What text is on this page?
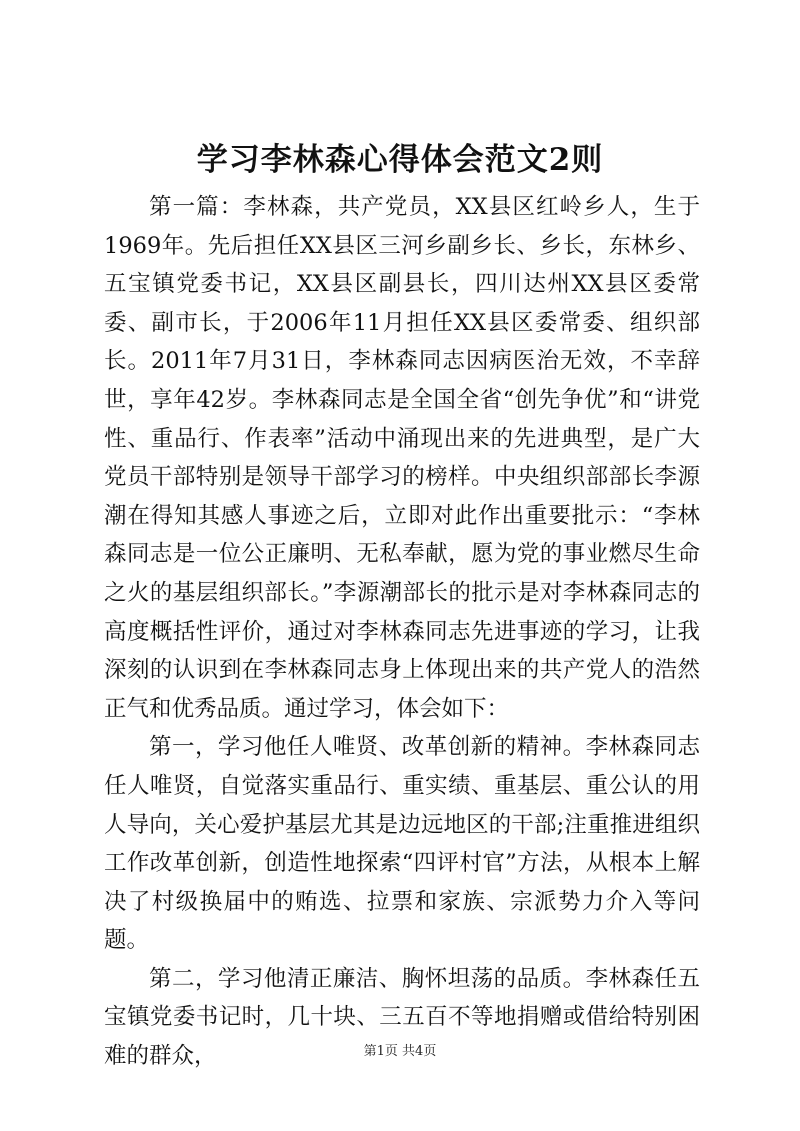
学习李林森心得体会范文2则

第一篇：李林森，共产党员，XX县区红岭乡人，生于1969年。先后担任XX县区三河乡副乡长、乡长，东林乡、五宝镇党委书记，XX县区副县长，四川达州XX县区委常委、副市长，于2006年11月担任XX县区委常委、组织部长。2011年7月31日，李林森同志因病医治无效，不幸辞世，享年42岁。李林森同志是全国全省“创先争优”和“讲党性、重品行、作表率”活动中涌现出来的先进典型，是广大党员干部特别是领导干部学习的榜样。中央组织部部长李源潮在得知其感人事迹之后，立即对此作出重要批示：“李林森同志是一位公正廉明、无私奉献，愿为党的事业燃尽生命之火的基层组织部长。”李源潮部长的批示是对李林森同志的高度概括性评价，通过对李林森同志先进事迹的学习，让我深刻的认识到在李林森同志身上体现出来的共产党人的浩然正气和优秀品质。通过学习，体会如下：

第一，学习他任人唯贤、改革创新的精神。李林森同志任人唯贤，自觉落实重品行、重实绩、重基层、重公认的用人导向，关心爱护基层尤其是边远地区的干部;注重推进组织工作改革创新，创造性地探索“四评村官”方法，从根本上解决了村级换届中的贿选、拉票和家族、宗派势力介入等问题。

第二，学习他清正廉洁、胸怀坦荡的品质。李林森任五宝镇党委书记时，几十块、三五百不等地捐赠或借给特别困难的群众，	第1页 共4页
